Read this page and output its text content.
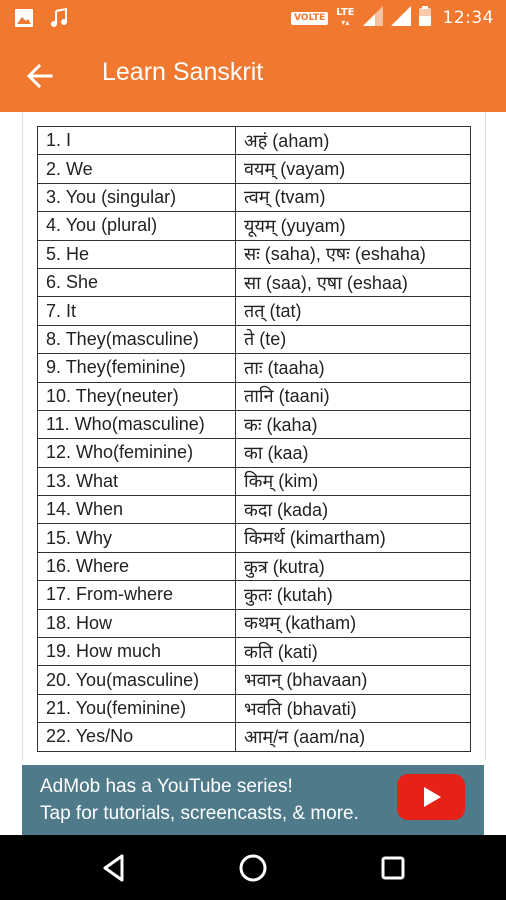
VOLTE	LTE
▾▴	12:34
Learn Sanskrit
1. I	अहं (aham)
2. We	वयम् (vayam)
3. You (singular)	त्वम् (tvam)
4. You (plural)	यूयम् (yuyam)
5. He	सः (saha), एषः (eshaha)
6. She	सा (saa), एषा (eshaa)
7. It	तत् (tat)
8. They(masculine)	ते (te)
9. They(feminine)	ताः (taaha)
10. They(neuter)	तानि (taani)
11. Who(masculine)	कः (kaha)
12. Who(feminine)	का (kaa)
13. What	किम् (kim)
14. When	कदा (kada)
15. Why	किमर्थ (kimartham)
16. Where	कुत्र (kutra)
17. From-where	कुतः (kutah)
18. How	कथम् (katham)
19. How much	कति (kati)
20. You(masculine)	भवान् (bhavaan)
21. You(feminine)	भवति (bhavati)
22. Yes/No	आम्/न (aam/na)
AdMob has a YouTube series!
Tap for tutorials, screencasts, & more.
